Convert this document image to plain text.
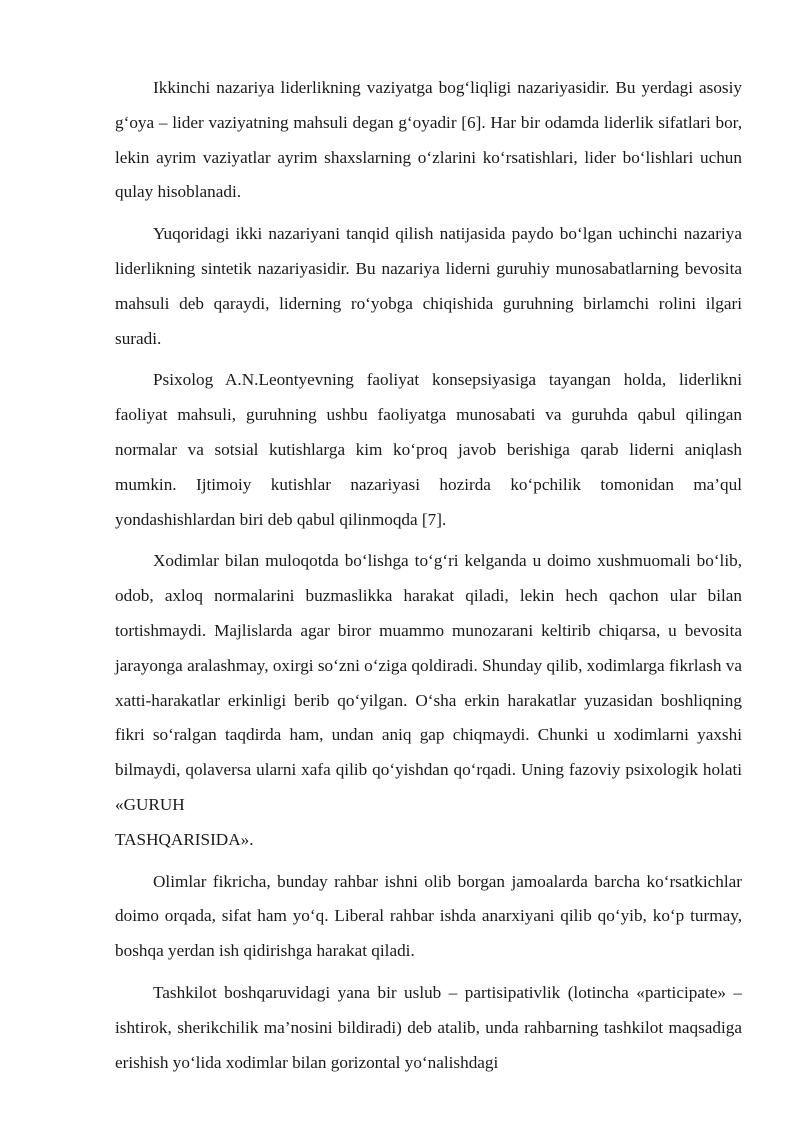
Ikkinchi nazariya liderlikning vaziyatga bog‘liqligi nazariyasidir. Bu yerdagi asosiy g‘oya – lider vaziyatning mahsuli degan g‘oyadir [6]. Har bir odamda liderlik sifatlari bor, lekin ayrim vaziyatlar ayrim shaxslarning o‘zlarini ko‘rsatishlari, lider bo‘lishlari uchun qulay hisoblanadi.

Yuqoridagi ikki nazariyani tanqid qilish natijasida paydo bo‘lgan uchinchi nazariya liderlikning sintetik nazariyasidir. Bu nazariya liderni guruhiy munosabatlarning bevosita mahsuli deb qaraydi, liderning ro‘yobga chiqishida guruhning birlamchi rolini ilgari suradi.

Psixolog A.N.Leontyevning faoliyat konsepsiyasiga tayangan holda, liderlikni faoliyat mahsuli, guruhning ushbu faoliyatga munosabati va guruhda qabul qilingan normalar va sotsial kutishlarga kim ko‘proq javob berishiga qarab liderni aniqlash mumkin. Ijtimoiy kutishlar nazariyasi hozirda ko‘pchilik tomonidan ma’qul yondashishlardan biri deb qabul qilinmoqda [7].

Xodimlar bilan muloqotda bo‘lishga to‘g‘ri kelganda u doimo xushmuomali bo‘lib, odob, axloq normalarini buzmaslikka harakat qiladi, lekin hech qachon ular bilan tortishmaydi. Majlislarda agar biror muammo munozarani keltirib chiqarsa, u bevosita jarayonga aralashmay, oxirgi so‘zni o‘ziga qoldiradi. Shunday qilib, xodimlarga fikrlash va xatti-harakatlar erkinligi berib qo‘yilgan. O‘sha erkin harakatlar yuzasidan boshliqning fikri so‘ralgan taqdirda ham, undan aniq gap chiqmaydi. Chunki u xodimlarni yaxshi bilmaydi, qolaversa ularni xafa qilib qo‘yishdan qo‘rqadi. Uning fazoviy psixologik holati «GURUH
TASHQARISIDA».

Olimlar fikricha, bunday rahbar ishni olib borgan jamoalarda barcha ko‘rsatkichlar doimo orqada, sifat ham yo‘q. Liberal rahbar ishda anarxiyani qilib qo‘yib, ko‘p turmay, boshqa yerdan ish qidirishga harakat qiladi.

Tashkilot boshqaruvidagi yana bir uslub – partisipativlik (lotincha «participate» – ishtirok, sherikchilik ma’nosini bildiradi) deb atalib, unda rahbarning tashkilot maqsadiga erishish yo‘lida xodimlar bilan gorizontal yo‘nalishdagi
